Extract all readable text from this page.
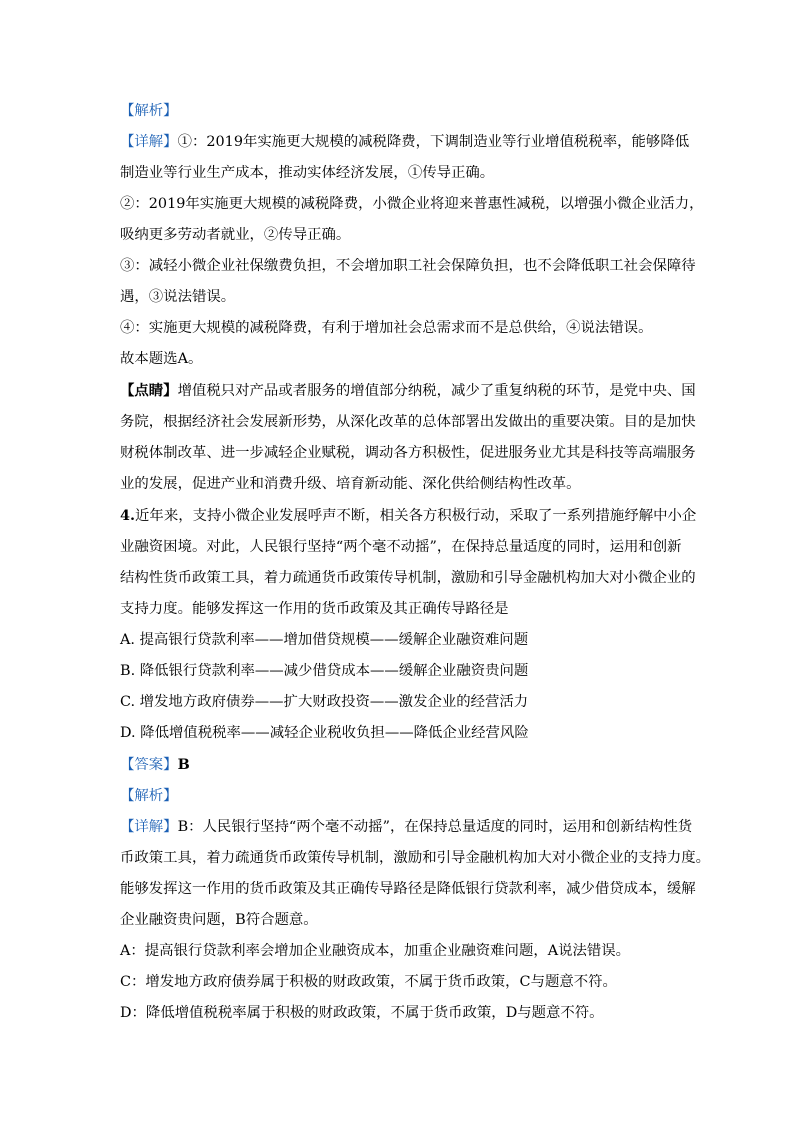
【解析】
【详解】①：2019年实施更大规模的减税降费，下调制造业等行业增值税税率，能够降低
制造业等行业生产成本，推动实体经济发展，①传导正确。
②：2019年实施更大规模的减税降费，小微企业将迎来普惠性减税，以增强小微企业活力，
吸纳更多劳动者就业，②传导正确。
③：减轻小微企业社保缴费负担，不会增加职工社会保障负担，也不会降低职工社会保障待
遇，③说法错误。
④：实施更大规模的减税降费，有利于增加社会总需求而不是总供给，④说法错误。
故本题选A。
【点睛】增值税只对产品或者服务的增值部分纳税，减少了重复纳税的环节，是党中央、国
务院，根据经济社会发展新形势，从深化改革的总体部署出发做出的重要决策。目的是加快
财税体制改革、进一步减轻企业赋税，调动各方积极性，促进服务业尤其是科技等高端服务
业的发展，促进产业和消费升级、培育新动能、深化供给侧结构性改革。
4.近年来，支持小微企业发展呼声不断，相关各方积极行动，采取了一系列措施纾解中小企
业融资困境。对此，人民银行坚持“两个毫不动摇”，在保持总量适度的同时，运用和创新
结构性货币政策工具，着力疏通货币政策传导机制，激励和引导金融机构加大对小微企业的
支持力度。能够发挥这一作用的货币政策及其正确传导路径是
A. 提高银行贷款利率——增加借贷规模——缓解企业融资难问题
B. 降低银行贷款利率——减少借贷成本——缓解企业融资贵问题
C. 增发地方政府债券——扩大财政投资——激发企业的经营活力
D. 降低增值税税率——减轻企业税收负担——降低企业经营风险
【答案】B
【解析】
【详解】B：人民银行坚持“两个毫不动摇”，在保持总量适度的同时，运用和创新结构性货
币政策工具，着力疏通货币政策传导机制，激励和引导金融机构加大对小微企业的支持力度。
能够发挥这一作用的货币政策及其正确传导路径是降低银行贷款利率，减少借贷成本，缓解
企业融资贵问题，B符合题意。
A：提高银行贷款利率会增加企业融资成本，加重企业融资难问题，A说法错误。
C：增发地方政府债券属于积极的财政政策，不属于货币政策，C与题意不符。
D：降低增值税税率属于积极的财政政策，不属于货币政策，D与题意不符。
